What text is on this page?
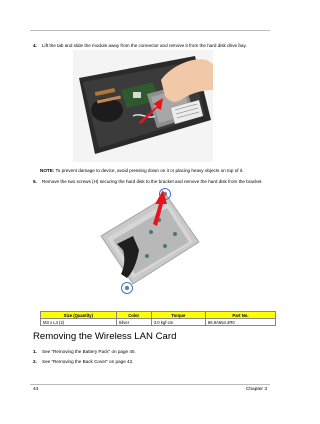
4. Lift the tab and slide the module away from the connector and remove it from the hard disk drive bay.
NOTE: To prevent damage to device, avoid pressing down on it or placing heavy objects on top of it.
5. Remove the two screws (H) securing the hard disk to the bracket and remove the hard disk from the bracket.
Size (Quantity)	Color	Torque	Part No.
M3 x L4 (2)	Silver	3.0 kgf-cm	86.9A554.4R0
Removing the Wireless LAN Card
1. See “Removing the Battery Pack” on page 40.
2. See “Removing the Back Cover” on page 42.
44	Chapter 3
